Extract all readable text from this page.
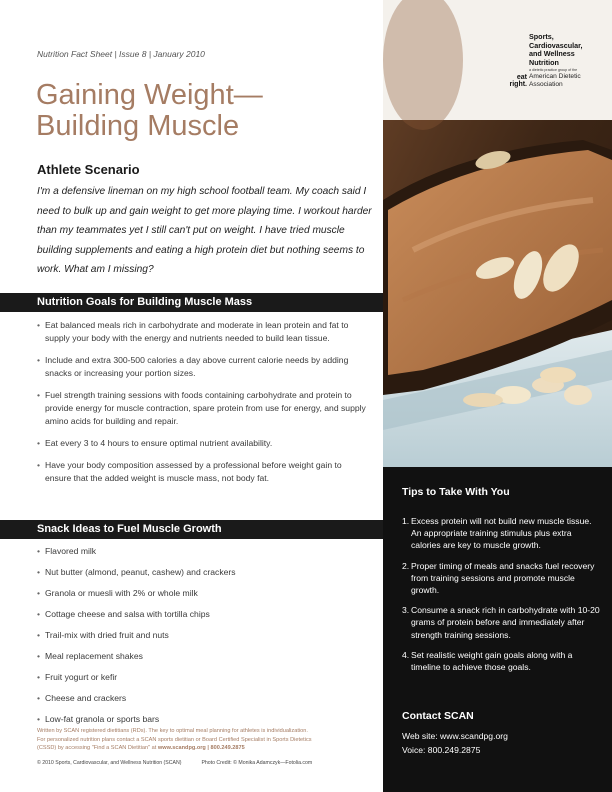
Nutrition Fact Sheet | Issue 8 | January 2010
Gaining Weight—
Building Muscle
Athlete Scenario

I'm a defensive lineman on my high school football team. My coach said I need to bulk up and gain weight to get more playing time. I workout harder than my teammates yet I still can't put on weight. I have tried muscle building supplements and eating a high protein diet but nothing seems to work. What am I missing?

Nutrition Goals for Building Muscle Mass
• Eat balanced meals rich in carbohydrate and moderate in lean protein and fat to supply your body with the energy and nutrients needed to build lean tissue.
• Include and extra 300-500 calories a day above current calorie needs by adding snacks or increasing your portion sizes.
• Fuel strength training sessions with foods containing carbohydrate and protein to provide energy for muscle contraction, spare protein from use for energy, and supply amino acids for building and repair.
• Eat every 3 to 4 hours to ensure optimal nutrient availability.
• Have your body composition assessed by a professional before weight gain to ensure that the added weight is muscle mass, not body fat.
Snack Ideas to Fuel Muscle Growth
• Flavored milk
• Nut butter (almond, peanut, cashew) and crackers
• Granola or muesli with 2% or whole milk
• Cottage cheese and salsa with tortilla chips
• Trail-mix with dried fruit and nuts
• Meal replacement shakes
• Fruit yogurt or kefir
• Cheese and crackers
• Low-fat granola or sports bars
Written by SCAN registered dietitians (RDs). The key to optimal meal planning for athletes is individualization.
For personalized nutrition plans contact a SCAN sports dietitian or Board Certified Specialist in Sports Dietetics
(CSSD) by accessing "Find a SCAN Dietitian" at www.scandpg.org | 800.249.2875
© 2010 Sports, Cardiovascular, and Wellness Nutrition (SCAN)	Photo Credit: © Monika Adamczyk—Fotolia.com
eat
right.
Sports,
Cardiovascular,
and Wellness
Nutrition
a dietetic practice group of the
American Dietetic
Association
Tips to Take With You
1. Excess protein will not build new muscle tissue. An appropriate training stimulus plus extra calories are key to muscle growth.
2. Proper timing of meals and snacks fuel recovery from training sessions and promote muscle growth.
3. Consume a snack rich in carbohydrate with 10-20 grams of protein before and immediately after strength training sessions.
4. Set realistic weight gain goals along with a timeline to achieve those goals.
Contact SCAN
Web site: www.scandpg.org
Voice: 800.249.2875
